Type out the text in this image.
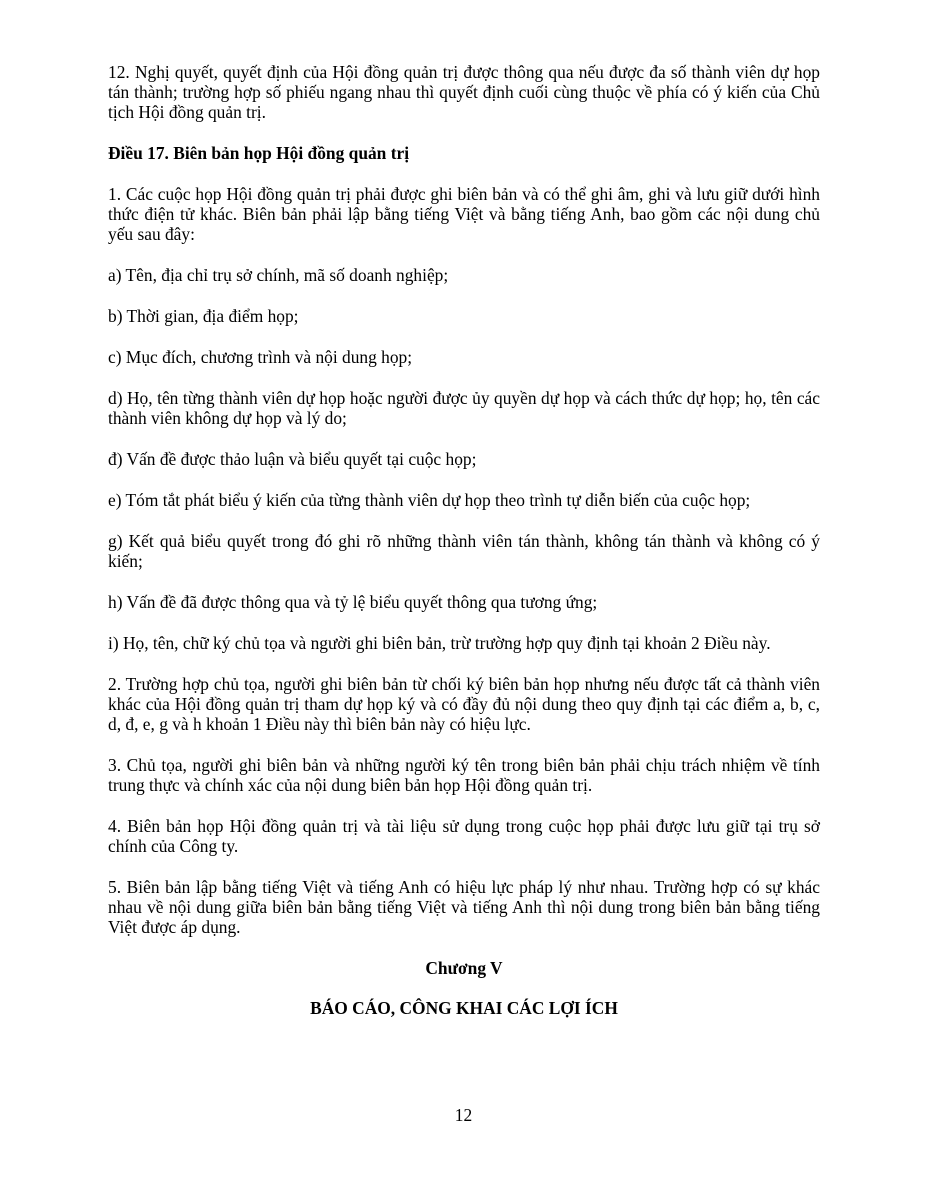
12. Nghị quyết, quyết định của Hội đồng quản trị được thông qua nếu được đa số thành viên dự họp tán thành; trường hợp số phiếu ngang nhau thì quyết định cuối cùng thuộc về phía có ý kiến của Chủ tịch Hội đồng quản trị.

Điều 17. Biên bản họp Hội đồng quản trị

1. Các cuộc họp Hội đồng quản trị phải được ghi biên bản và có thể ghi âm, ghi và lưu giữ dưới hình thức điện tử khác. Biên bản phải lập bằng tiếng Việt và bằng tiếng Anh, bao gồm các nội dung chủ yếu sau đây:

a) Tên, địa chỉ trụ sở chính, mã số doanh nghiệp;

b) Thời gian, địa điểm họp;

c) Mục đích, chương trình và nội dung họp;

d) Họ, tên từng thành viên dự họp hoặc người được ủy quyền dự họp và cách thức dự họp; họ, tên các thành viên không dự họp và lý do;

đ) Vấn đề được thảo luận và biểu quyết tại cuộc họp;

e) Tóm tắt phát biểu ý kiến của từng thành viên dự họp theo trình tự diễn biến của cuộc họp;

g) Kết quả biểu quyết trong đó ghi rõ những thành viên tán thành, không tán thành và không có ý kiến;

h) Vấn đề đã được thông qua và tỷ lệ biểu quyết thông qua tương ứng;

i) Họ, tên, chữ ký chủ tọa và người ghi biên bản, trừ trường hợp quy định tại khoản 2 Điều này.

2. Trường hợp chủ tọa, người ghi biên bản từ chối ký biên bản họp nhưng nếu được tất cả thành viên khác của Hội đồng quản trị tham dự họp ký và có đầy đủ nội dung theo quy định tại các điểm a, b, c, d, đ, e, g và h khoản 1 Điều này thì biên bản này có hiệu lực.

3. Chủ tọa, người ghi biên bản và những người ký tên trong biên bản phải chịu trách nhiệm về tính trung thực và chính xác của nội dung biên bản họp Hội đồng quản trị.

4. Biên bản họp Hội đồng quản trị và tài liệu sử dụng trong cuộc họp phải được lưu giữ tại trụ sở chính của Công ty.

5. Biên bản lập bằng tiếng Việt và tiếng Anh có hiệu lực pháp lý như nhau. Trường hợp có sự khác nhau về nội dung giữa biên bản bằng tiếng Việt và tiếng Anh thì nội dung trong biên bản bằng tiếng Việt được áp dụng.

Chương V

BÁO CÁO, CÔNG KHAI CÁC LỢI ÍCH

12
